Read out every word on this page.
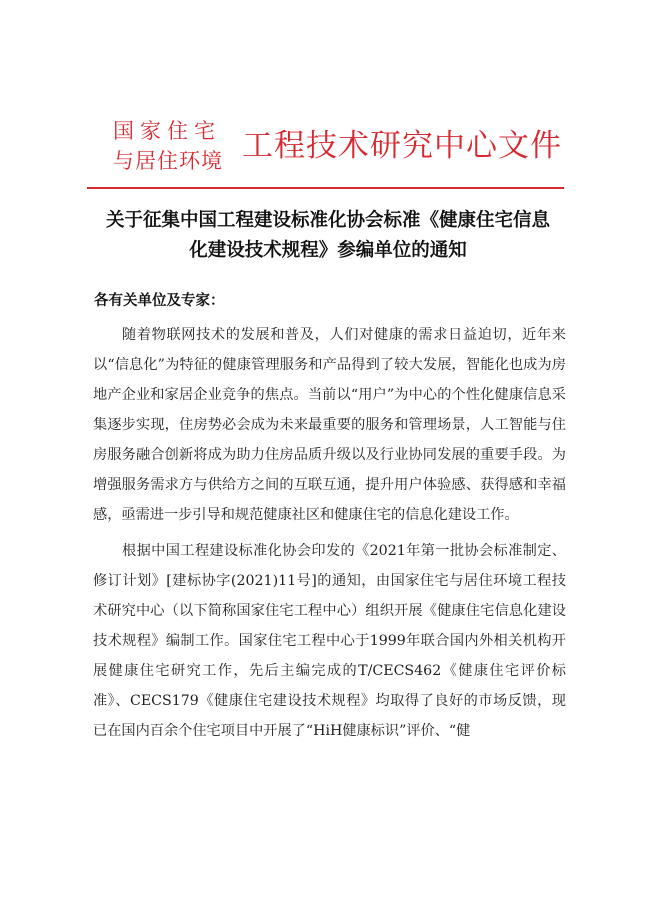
国家住宅
与居住环境 工程技术研究中心文件
关于征集中国工程建设标准化协会标准《健康住宅信息
化建设技术规程》参编单位的通知
各有关单位及专家：

随着物联网技术的发展和普及，人们对健康的需求日益迫切，近年来以“信息化”为特征的健康管理服务和产品得到了较大发展，智能化也成为房地产企业和家居企业竞争的焦点。当前以“用户”为中心的个性化健康信息采集逐步实现，住房势必会成为未来最重要的服务和管理场景，人工智能与住房服务融合创新将成为助力住房品质升级以及行业协同发展的重要手段。为增强服务需求方与供给方之间的互联互通，提升用户体验感、获得感和幸福感，亟需进一步引导和规范健康社区和健康住宅的信息化建设工作。

根据中国工程建设标准化协会印发的《2021年第一批协会标准制定、修订计划》[建标协字(2021)11号]的通知，由国家住宅与居住环境工程技术研究中心（以下简称国家住宅工程中心）组织开展《健康住宅信息化建设技术规程》编制工作。国家住宅工程中心于1999年联合国内外相关机构开展健康住宅研究工作，先后主编完成的T/CECS462《健康住宅评价标准》、CECS179《健康住宅建设技术规程》均取得了良好的市场反馈，现已在国内百余个住宅项目中开展了“HiH健康标识”评价、“健
